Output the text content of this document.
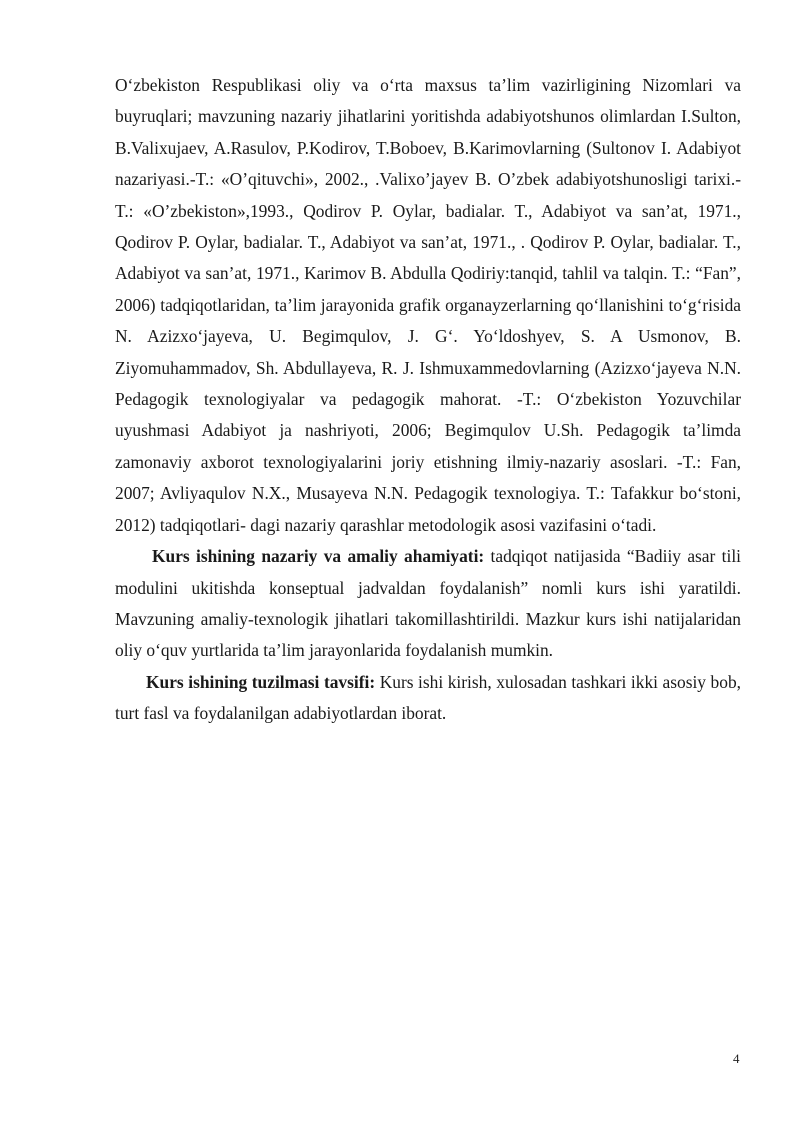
O‘zbekiston Respublikasi oliy va o‘rta maxsus ta’lim vazirligining Nizomlari va buyruqlari; mavzuning nazariy jihatlarini yoritishda adabiyotshunos olimlardan I.Sulton, B.Valixujaev, A.Rasulov, P.Kodirov, T.Boboev, B.Karimovlarning (Sultonov I. Adabiyot nazariyasi.-T.: «O’qituvchi», 2002., .Valixo’jayev B. O’zbek adabiyotshunosligi tarixi.-T.: «O’zbekiston»,1993., Qodirov P. Oylar, badialar. T., Adabiyot va san’at, 1971., Qodirov P. Oylar, badialar. T., Adabiyot va san’at, 1971., . Qodirov P. Oylar, badialar. T., Adabiyot va san’at, 1971., Karimov B. Abdulla Qodiriy:tanqid, tahlil va talqin. T.: “Fan”, 2006) tadqiqotlaridan, ta’lim jarayonida grafik organayzerlarning qo‘llanishini to‘g‘risida N. Azizxo‘jayeva, U. Begimqulov, J. G‘. Yo‘ldoshyev, S. A Usmonov, B. Ziyomuhammadov, Sh. Abdullayeva, R. J. Ishmuxammedovlarning (Azizxo‘jayeva N.N. Pedagogik texnologiyalar va pedagogik mahorat. -T.: O‘zbekiston Yozuvchilar uyushmasi Adabiyot ja nashriyoti, 2006; Begimqulov U.Sh. Pedagogik ta’limda zamonaviy axborot texnologiyalarini joriy etishning ilmiy-nazariy asoslari. -T.: Fan, 2007; Avliyaqulov N.X., Musayeva N.N. Pedagogik texnologiya. T.: Tafakkur bo‘stoni, 2012) tadqiqotlari- dagi nazariy qarashlar metodologik asosi vazifasini o‘tadi.

Kurs ishining nazariy va amaliy ahamiyati: tadqiqot natijasida “Badiiy asar tili modulini ukitishda konseptual jadvaldan foydalanish” nomli kurs ishi yaratildi. Mavzuning amaliy-texnologik jihatlari takomillashtirildi. Mazkur kurs ishi natijalaridan oliy o‘quv yurtlarida ta’lim jarayonlarida foydalanish mumkin.

Kurs ishining tuzilmasi tavsifi: Kurs ishi kirish, xulosadan tashkari ikki asosiy bob, turt fasl va foydalanilgan adabiyotlardan iborat.

4
